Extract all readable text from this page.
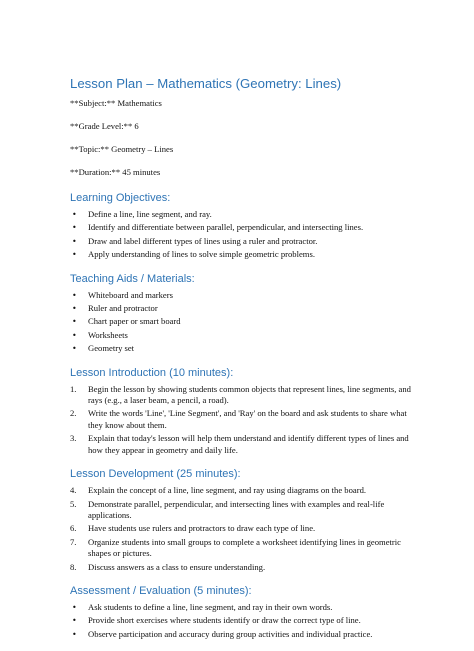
Lesson Plan – Mathematics (Geometry: Lines)

**Subject:** Mathematics

**Grade Level:** 6

**Topic:** Geometry – Lines

**Duration:** 45 minutes

Learning Objectives:
• Define a line, line segment, and ray.
• Identify and differentiate between parallel, perpendicular, and intersecting lines.
• Draw and label different types of lines using a ruler and protractor.
• Apply understanding of lines to solve simple geometric problems.
Teaching Aids / Materials:
• Whiteboard and markers
• Ruler and protractor
• Chart paper or smart board
• Worksheets
• Geometry set
Lesson Introduction (10 minutes):
1. Begin the lesson by showing students common objects that represent lines, line segments, and rays (e.g., a laser beam, a pencil, a road).
2. Write the words 'Line', 'Line Segment', and 'Ray' on the board and ask students to share what they know about them.
3. Explain that today's lesson will help them understand and identify different types of lines and how they appear in geometry and daily life.
Lesson Development (25 minutes):
4. Explain the concept of a line, line segment, and ray using diagrams on the board.
5. Demonstrate parallel, perpendicular, and intersecting lines with examples and real-life applications.
6. Have students use rulers and protractors to draw each type of line.
7. Organize students into small groups to complete a worksheet identifying lines in geometric shapes or pictures.
8. Discuss answers as a class to ensure understanding.
Assessment / Evaluation (5 minutes):
• Ask students to define a line, line segment, and ray in their own words.
• Provide short exercises where students identify or draw the correct type of line.
• Observe participation and accuracy during group activities and individual practice.
